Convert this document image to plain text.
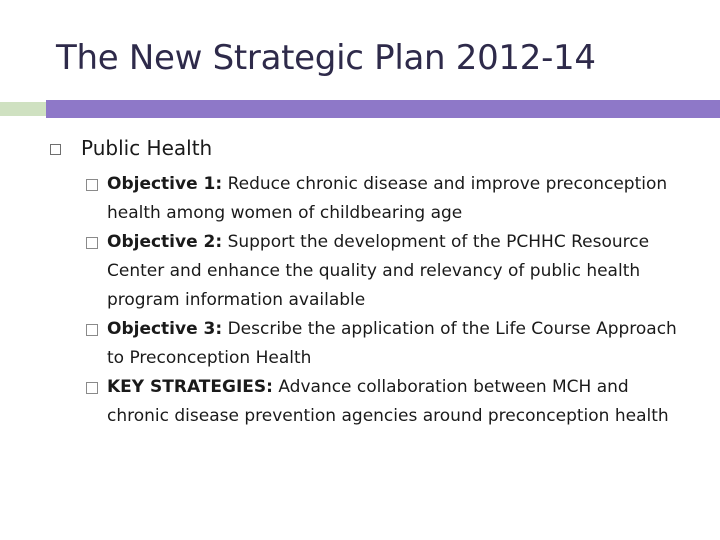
The New Strategic Plan 2012-14
Public Health
Objective 1: Reduce chronic disease and improve preconception health among women of childbearing age
Objective 2: Support the development of the PCHHC Resource Center and enhance the quality and relevancy of public health program information available
Objective 3: Describe the application of the Life Course Approach to Preconception Health
KEY STRATEGIES: Advance collaboration between MCH and chronic disease prevention agencies around preconception health
